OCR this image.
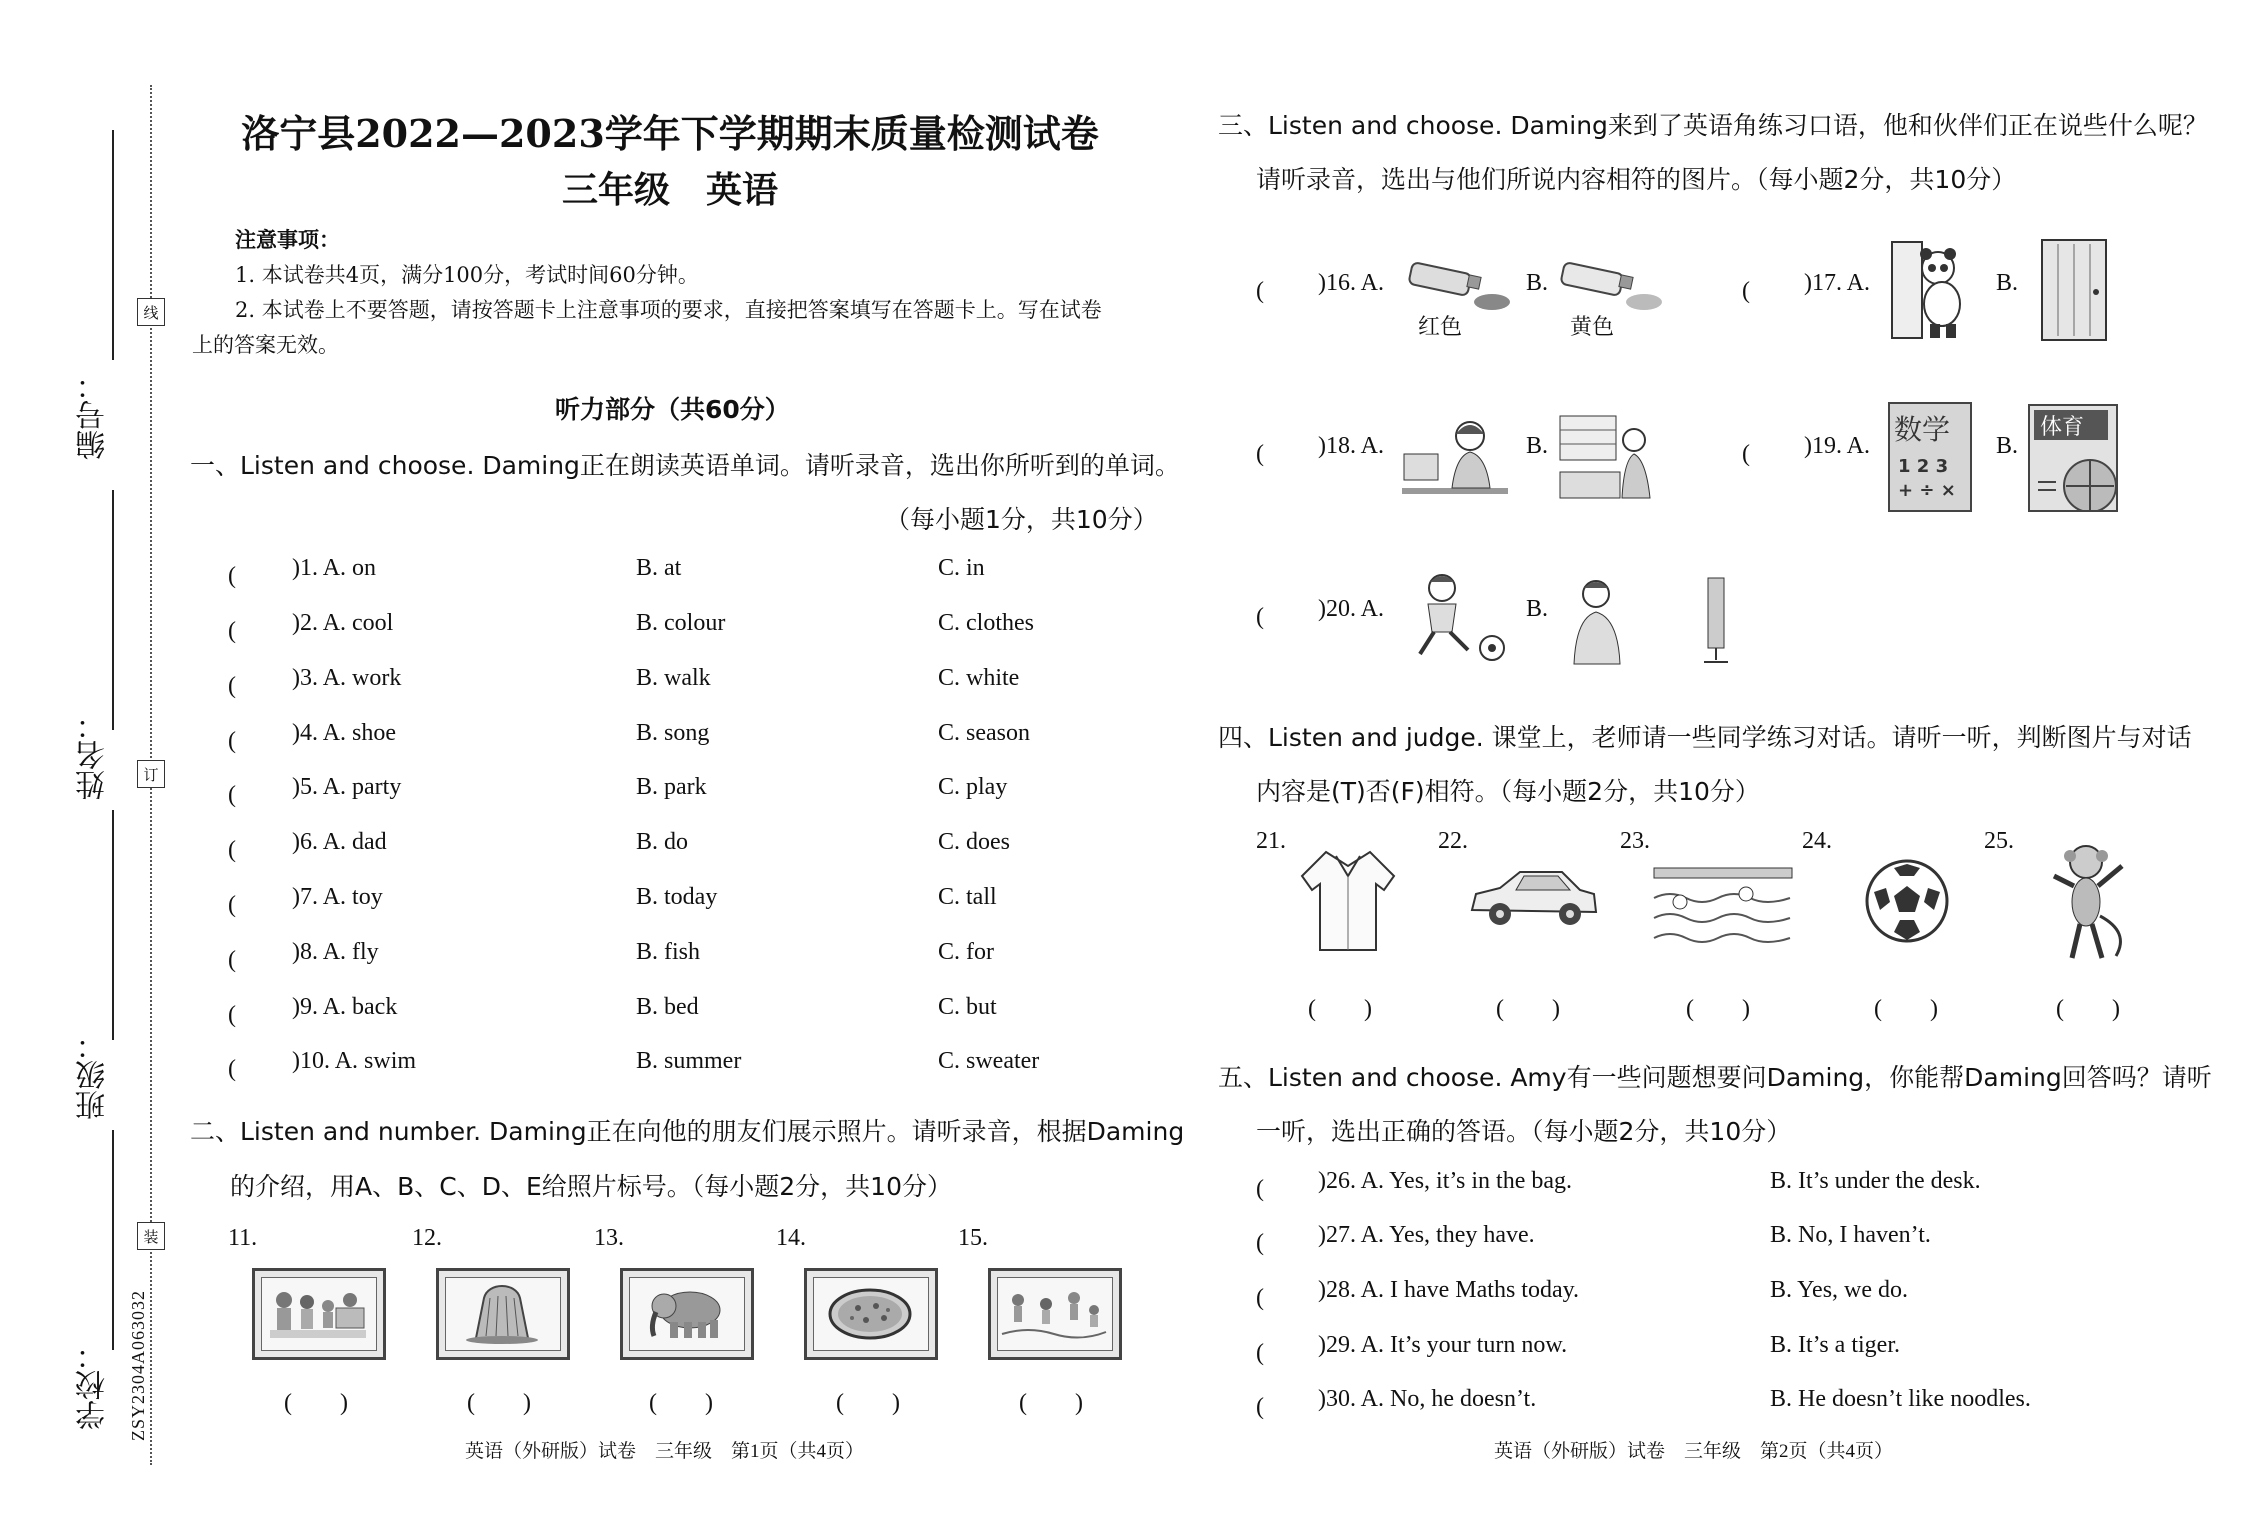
编号：
姓名：
班级：
学校：
线
订
装
ZSY2304A063032
洛宁县2022—2023学年下学期期末质量检测试卷
三年级　英语
注意事项：
1. 本试卷共4页，满分100分，考试时间60分钟。
2. 本试卷上不要答题，请按答题卡上注意事项的要求，直接把答案填写在答题卡上。写在试卷
上的答案无效。
听力部分（共60分）
一、Listen and choose. Daming正在朗读英语单词。请听录音，选出你所听到的单词。
（每小题1分，共10分）
(　　 )1. A. on	B. at	C. in
(　　 )2. A. cool	B. colour	C. clothes
(　　 )3. A. work	B. walk	C. white
(　　 )4. A. shoe	B. song	C. season
(　　 )5. A. party	B. park	C. play
(　　 )6. A. dad	B. do	C. does
(　　 )7. A. toy	B. today	C. tall
(　　 )8. A. fly	B. fish	C. for
(　　 )9. A. back	B. bed	C. but
(　　 )10. A. swim	B. summer	C. sweater
二、Listen and number. Daming正在向他的朋友们展示照片。请听录音，根据Daming
的介绍，用A、B、C、D、E给照片标号。（每小题2分，共10分）
11.	12.	13.	14.	15.
(　　)	(　　)	(　　)	(　　)	(　　)
英语（外研版）试卷　三年级　第1页（共4页）
三、Listen and choose. Daming来到了英语角练习口语，他和伙伴们正在说些什么呢？
请听录音，选出与他们所说内容相符的图片。（每小题2分，共10分）
(　　 )16. A.
红色
B.
黄色
(　　 )17. A.	B.
(　　 )18. A.	B.	(　　 )19. A. 数学
1 2 3
+ ÷ ×
B.
体育
(　　 )20. A.	B.
四、Listen and judge. 课堂上，老师请一些同学练习对话。请听一听，判断图片与对话
内容是(T)否(F)相符。（每小题2分，共10分）
21.	22.	23.	24.	25.
(　　)	(　　)	(　　)	(　　)	(　　)
五、Listen and choose. Amy有一些问题想要问Daming，你能帮Daming回答吗？请听
一听，选出正确的答语。（每小题2分，共10分）
(　　 )26. A. Yes, it’s in the bag.	B. It’s under the desk.
(　　 )27. A. Yes, they have.	B. No, I haven’t.
(　　 )28. A. I have Maths today.	B. Yes, we do.
(　　 )29. A. It’s your turn now.	B. It’s a tiger.
(　　 )30. A. No, he doesn’t.	B. He doesn’t like noodles.
英语（外研版）试卷　三年级　第2页（共4页）
